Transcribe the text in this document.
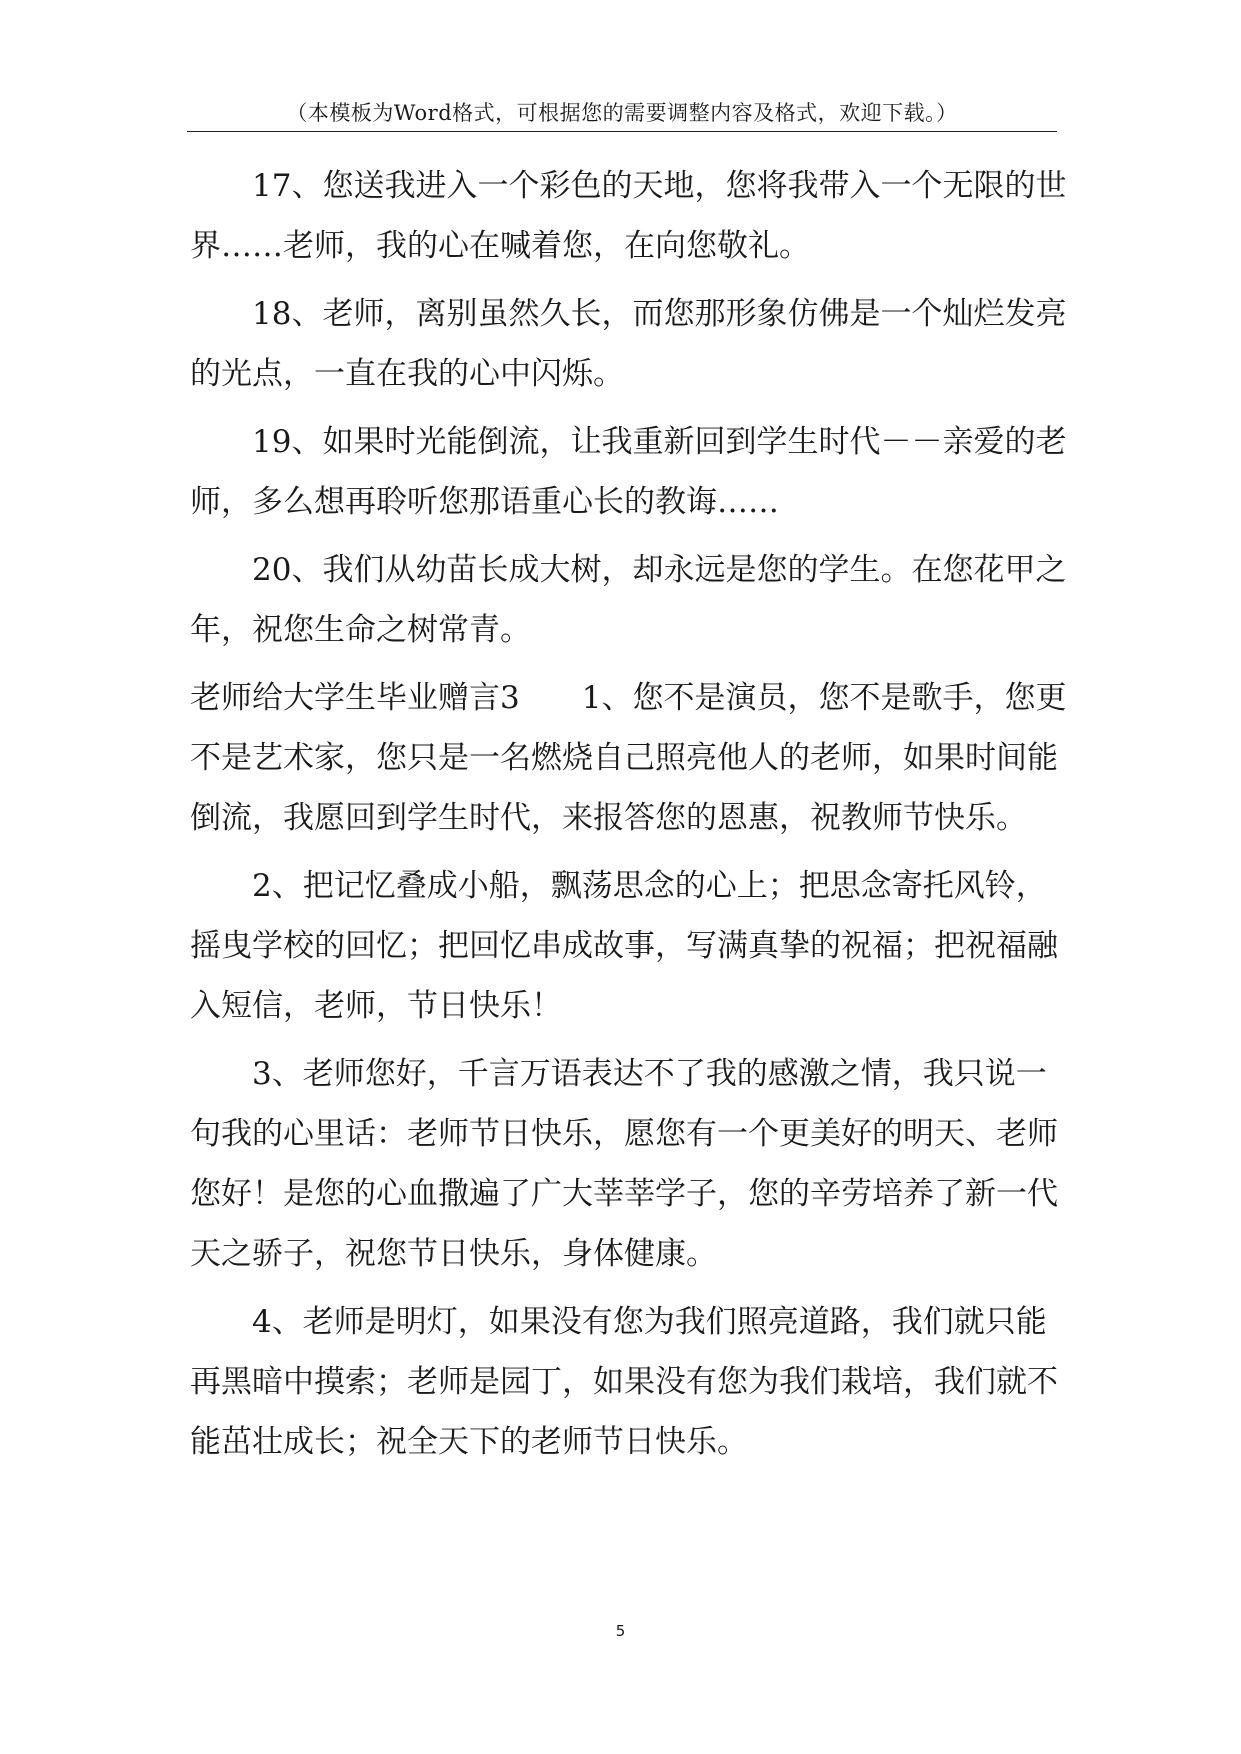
（本模板为Word格式，可根据您的需要调整内容及格式，欢迎下载。）

17、您送我进入一个彩色的天地，您将我带入一个无限的世界……老师，我的心在喊着您，在向您敬礼。

18、老师，离别虽然久长，而您那形象仿佛是一个灿烂发亮的光点，一直在我的心中闪烁。

19、如果时光能倒流，让我重新回到学生时代－－亲爱的老师，多么想再聆听您那语重心长的教诲……

20、我们从幼苗长成大树，却永远是您的学生。在您花甲之年，祝您生命之树常青。

老师给大学生毕业赠言3 1、您不是演员，您不是歌手，您更不是艺术家，您只是一名燃烧自己照亮他人的老师，如果时间能倒流，我愿回到学生时代，来报答您的恩惠，祝教师节快乐。

2、把记忆叠成小船，飘荡思念的心上；把思念寄托风铃，摇曳学校的回忆；把回忆串成故事，写满真挚的祝福；把祝福融入短信，老师，节日快乐！

3、老师您好，千言万语表达不了我的感激之情，我只说一句我的心里话：老师节日快乐，愿您有一个更美好的明天、老师您好！是您的心血撒遍了广大莘莘学子，您的辛劳培养了新一代天之骄子，祝您节日快乐，身体健康。

4、老师是明灯，如果没有您为我们照亮道路，我们就只能再黑暗中摸索；老师是园丁，如果没有您为我们栽培，我们就不能茁壮成长；祝全天下的老师节日快乐。

5
